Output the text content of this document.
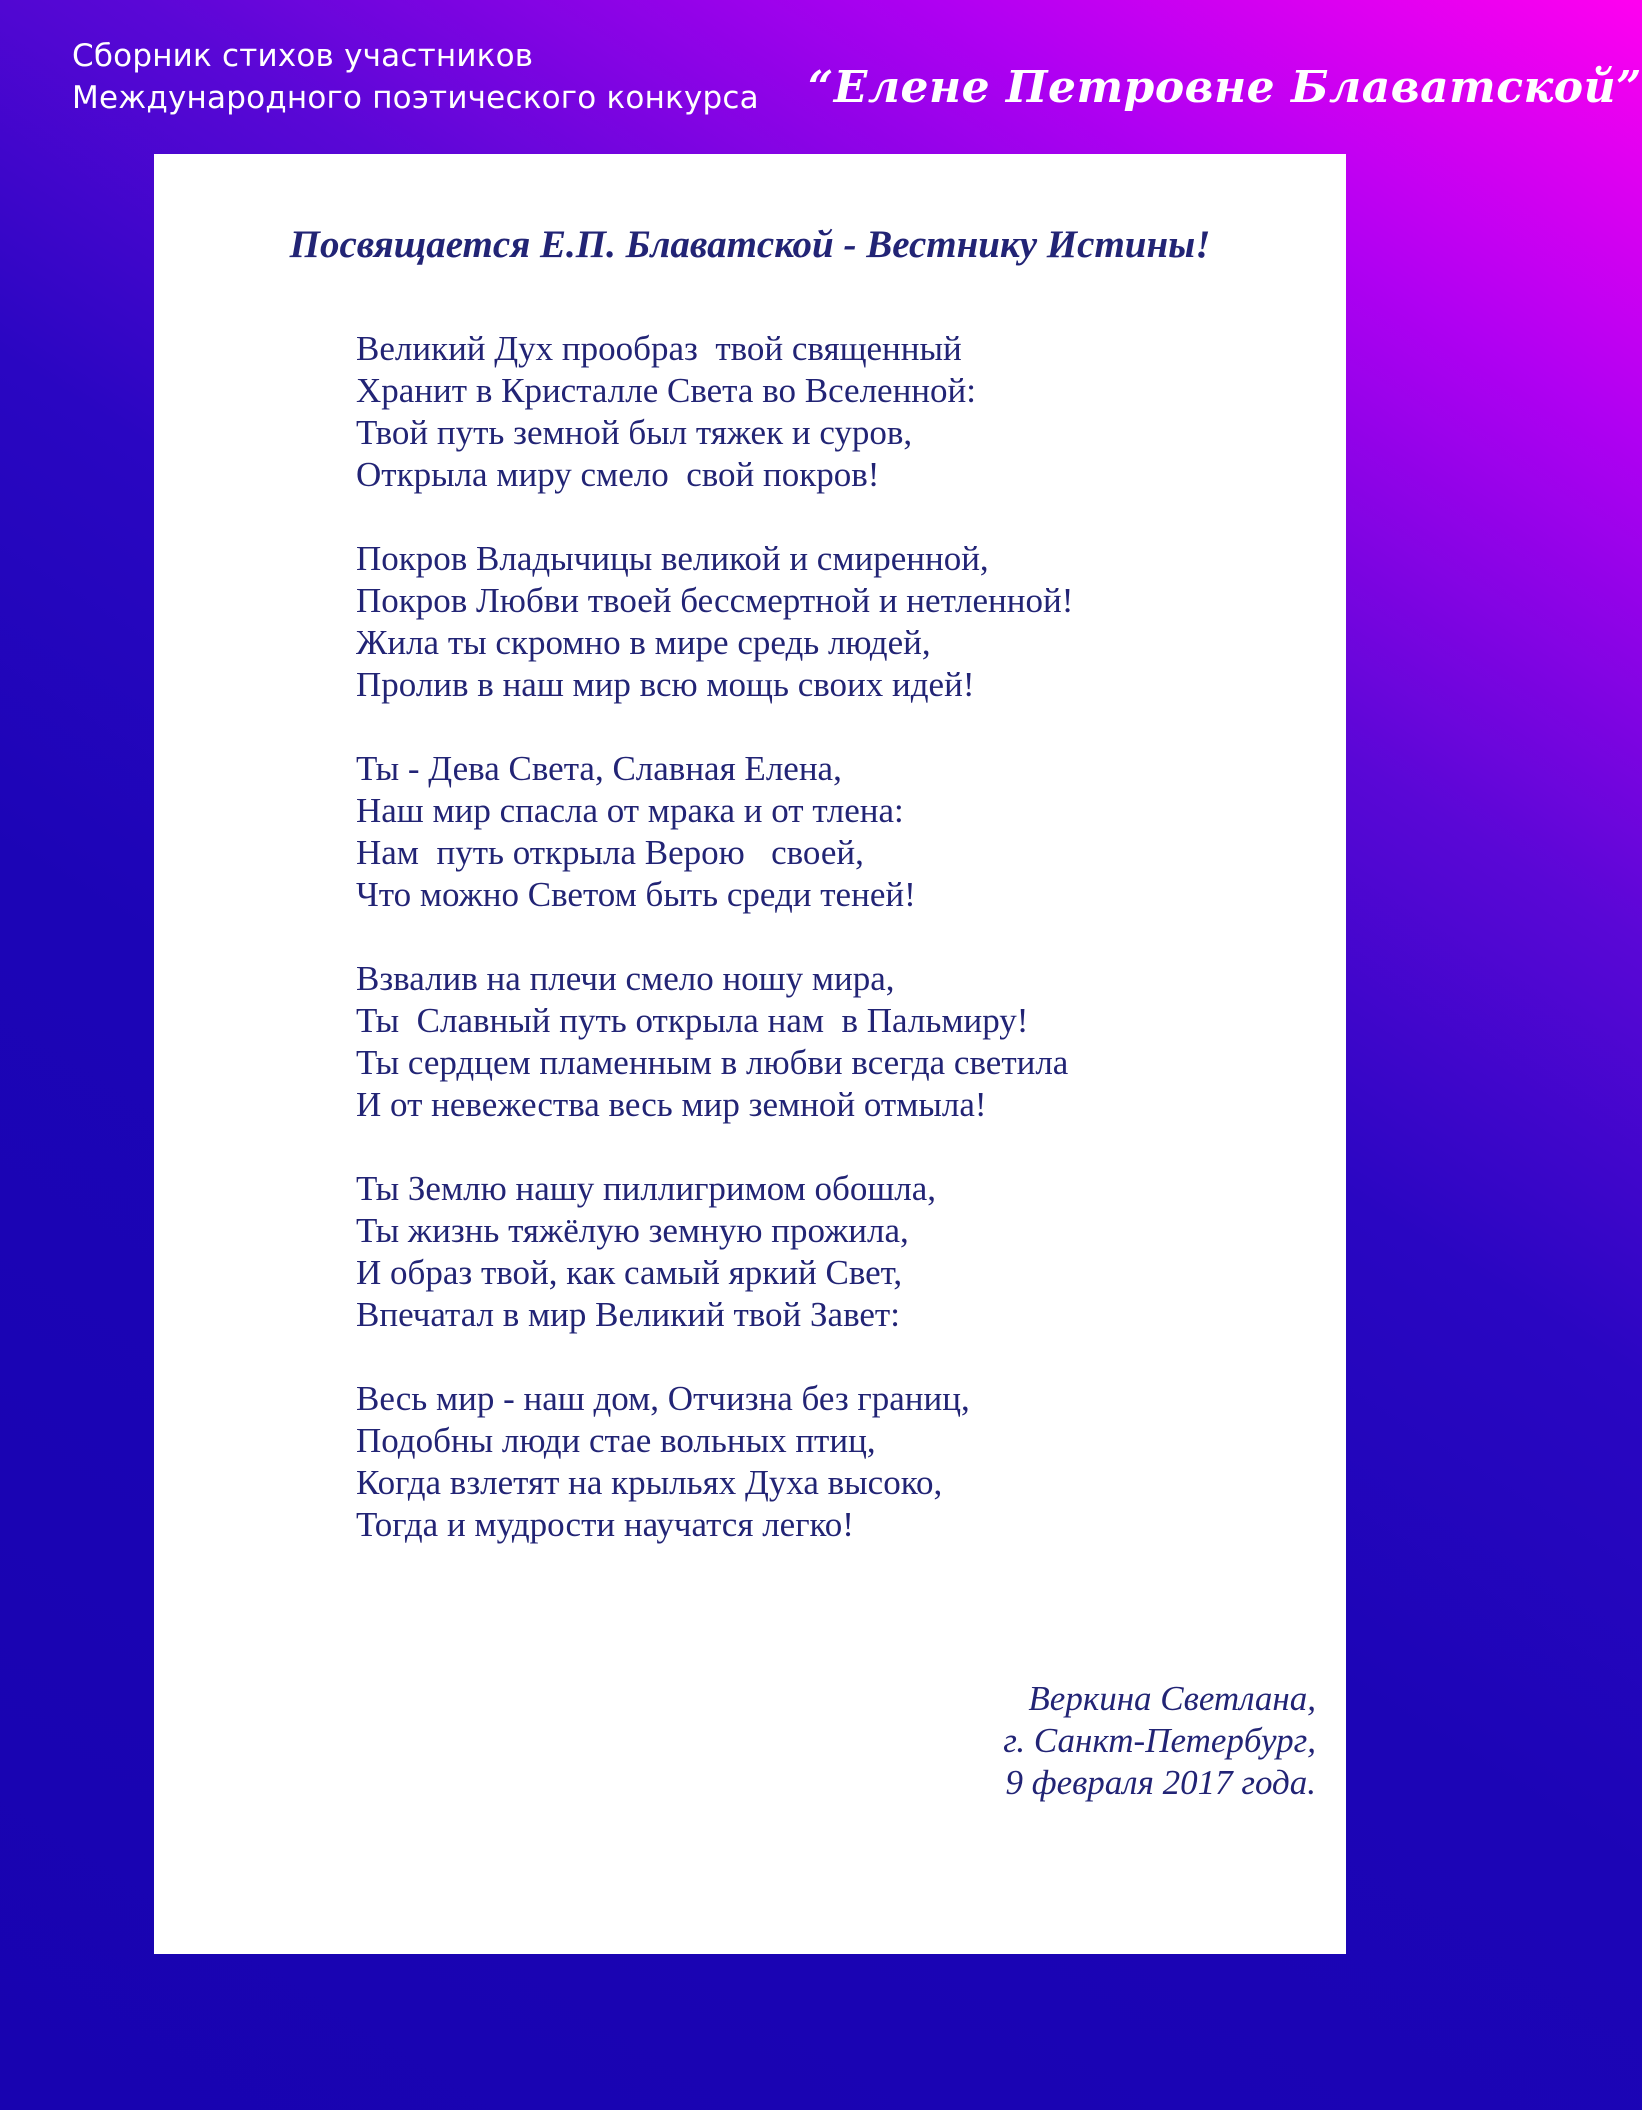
Сборник стихов участников
Международного поэтического конкурса “Елене Петровне Блаватской”
Посвящается Е.П. Блаватской - Вестнику Истины!
Великий Дух прообраз  твой священный
Хранит в Кристалле Света во Вселенной:
Твой путь земной был тяжек и суров,
Открыла миру смело  свой покров!
Покров Владычицы великой и смиренной,
Покров Любви твоей бессмертной и нетленной!
Жила ты скромно в мире средь людей,
Пролив в наш мир всю мощь своих идей!
Ты - Дева Света, Славная Елена,
Наш мир спасла от мрака и от тлена:
Нам  путь открыла Верою   своей,
Что можно Светом быть среди теней!
Взвалив на плечи смело ношу мира,
Ты  Славный путь открыла нам  в Пальмиру!
Ты сердцем пламенным в любви всегда светила
И от невежества весь мир земной отмыла!
Ты Землю нашу пиллигримом обошла,
Ты жизнь тяжёлую земную прожила,
И образ твой, как самый яркий Свет,
Впечатал в мир Великий твой Завет:
Весь мир - наш дом, Отчизна без границ,
Подобны люди стае вольных птиц,
Когда взлетят на крыльях Духа высоко,
Тогда и мудрости научатся легко!
Веркина Светлана,
г. Санкт-Петербург,
9 февраля 2017 года.
